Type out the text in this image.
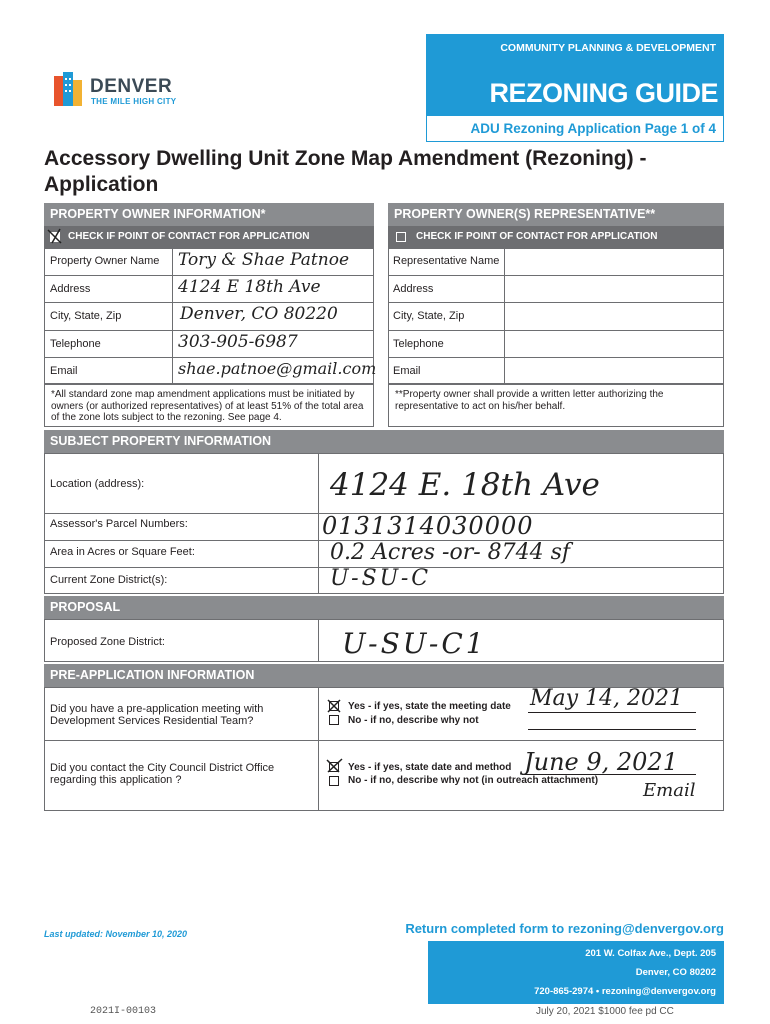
COMMUNITY PLANNING & DEVELOPMENT
REZONING GUIDE
ADU Rezoning Application Page 1 of 4
DENVER
THE MILE HIGH CITY
Accessory Dwelling Unit Zone Map Amendment (Rezoning) -
Application
PROPERTY OWNER INFORMATION*	PROPERTY OWNER(S) REPRESENTATIVE**
CHECK IF POINT OF CONTACT FOR APPLICATION	CHECK IF POINT OF CONTACT FOR APPLICATION
Property Owner Name Tory & Shae Patnoe
Address	4124 E 18th Ave
City, State, Zip	Denver, CO 80220
Telephone	303-905-6987
Email	shae.patnoe@gmail.com
*All standard zone map amendment applications must be initiated by owners (or authorized representatives) of at least 51% of the total area of the zone lots subject to the rezoning. See page 4.
Representative Name
Address
City, State, Zip
Telephone
Email
**Property owner shall provide a written letter authorizing the representative to act on his/her behalf.
SUBJECT PROPERTY INFORMATION
Location (address):	4124 E. 18th Ave
Assessor's Parcel Numbers:	0131314030000
Area in Acres or Square Feet:	0.2 Acres -or- 8744 sf
Current Zone District(s):	U-SU-C
PROPOSAL
Proposed Zone District:	U-SU-C1
PRE-APPLICATION INFORMATION
Did you have a pre-application meeting with Development Services Residential Team?
Yes - if yes, state the meeting date
No - if no, describe why not
May 14, 2021
Did you contact the City Council District Office regarding this application ?
Yes - if yes, state date and method
No - if no, describe why not (in outreach attachment)
June 9, 2021
Email
Last updated: November 10, 2020	Return completed form to rezoning@denvergov.org
201 W. Colfax Ave., Dept. 205
Denver, CO 80202
720-865-2974 • rezoning@denvergov.org
2021I-00103	July 20, 2021 $1000 fee pd CC
